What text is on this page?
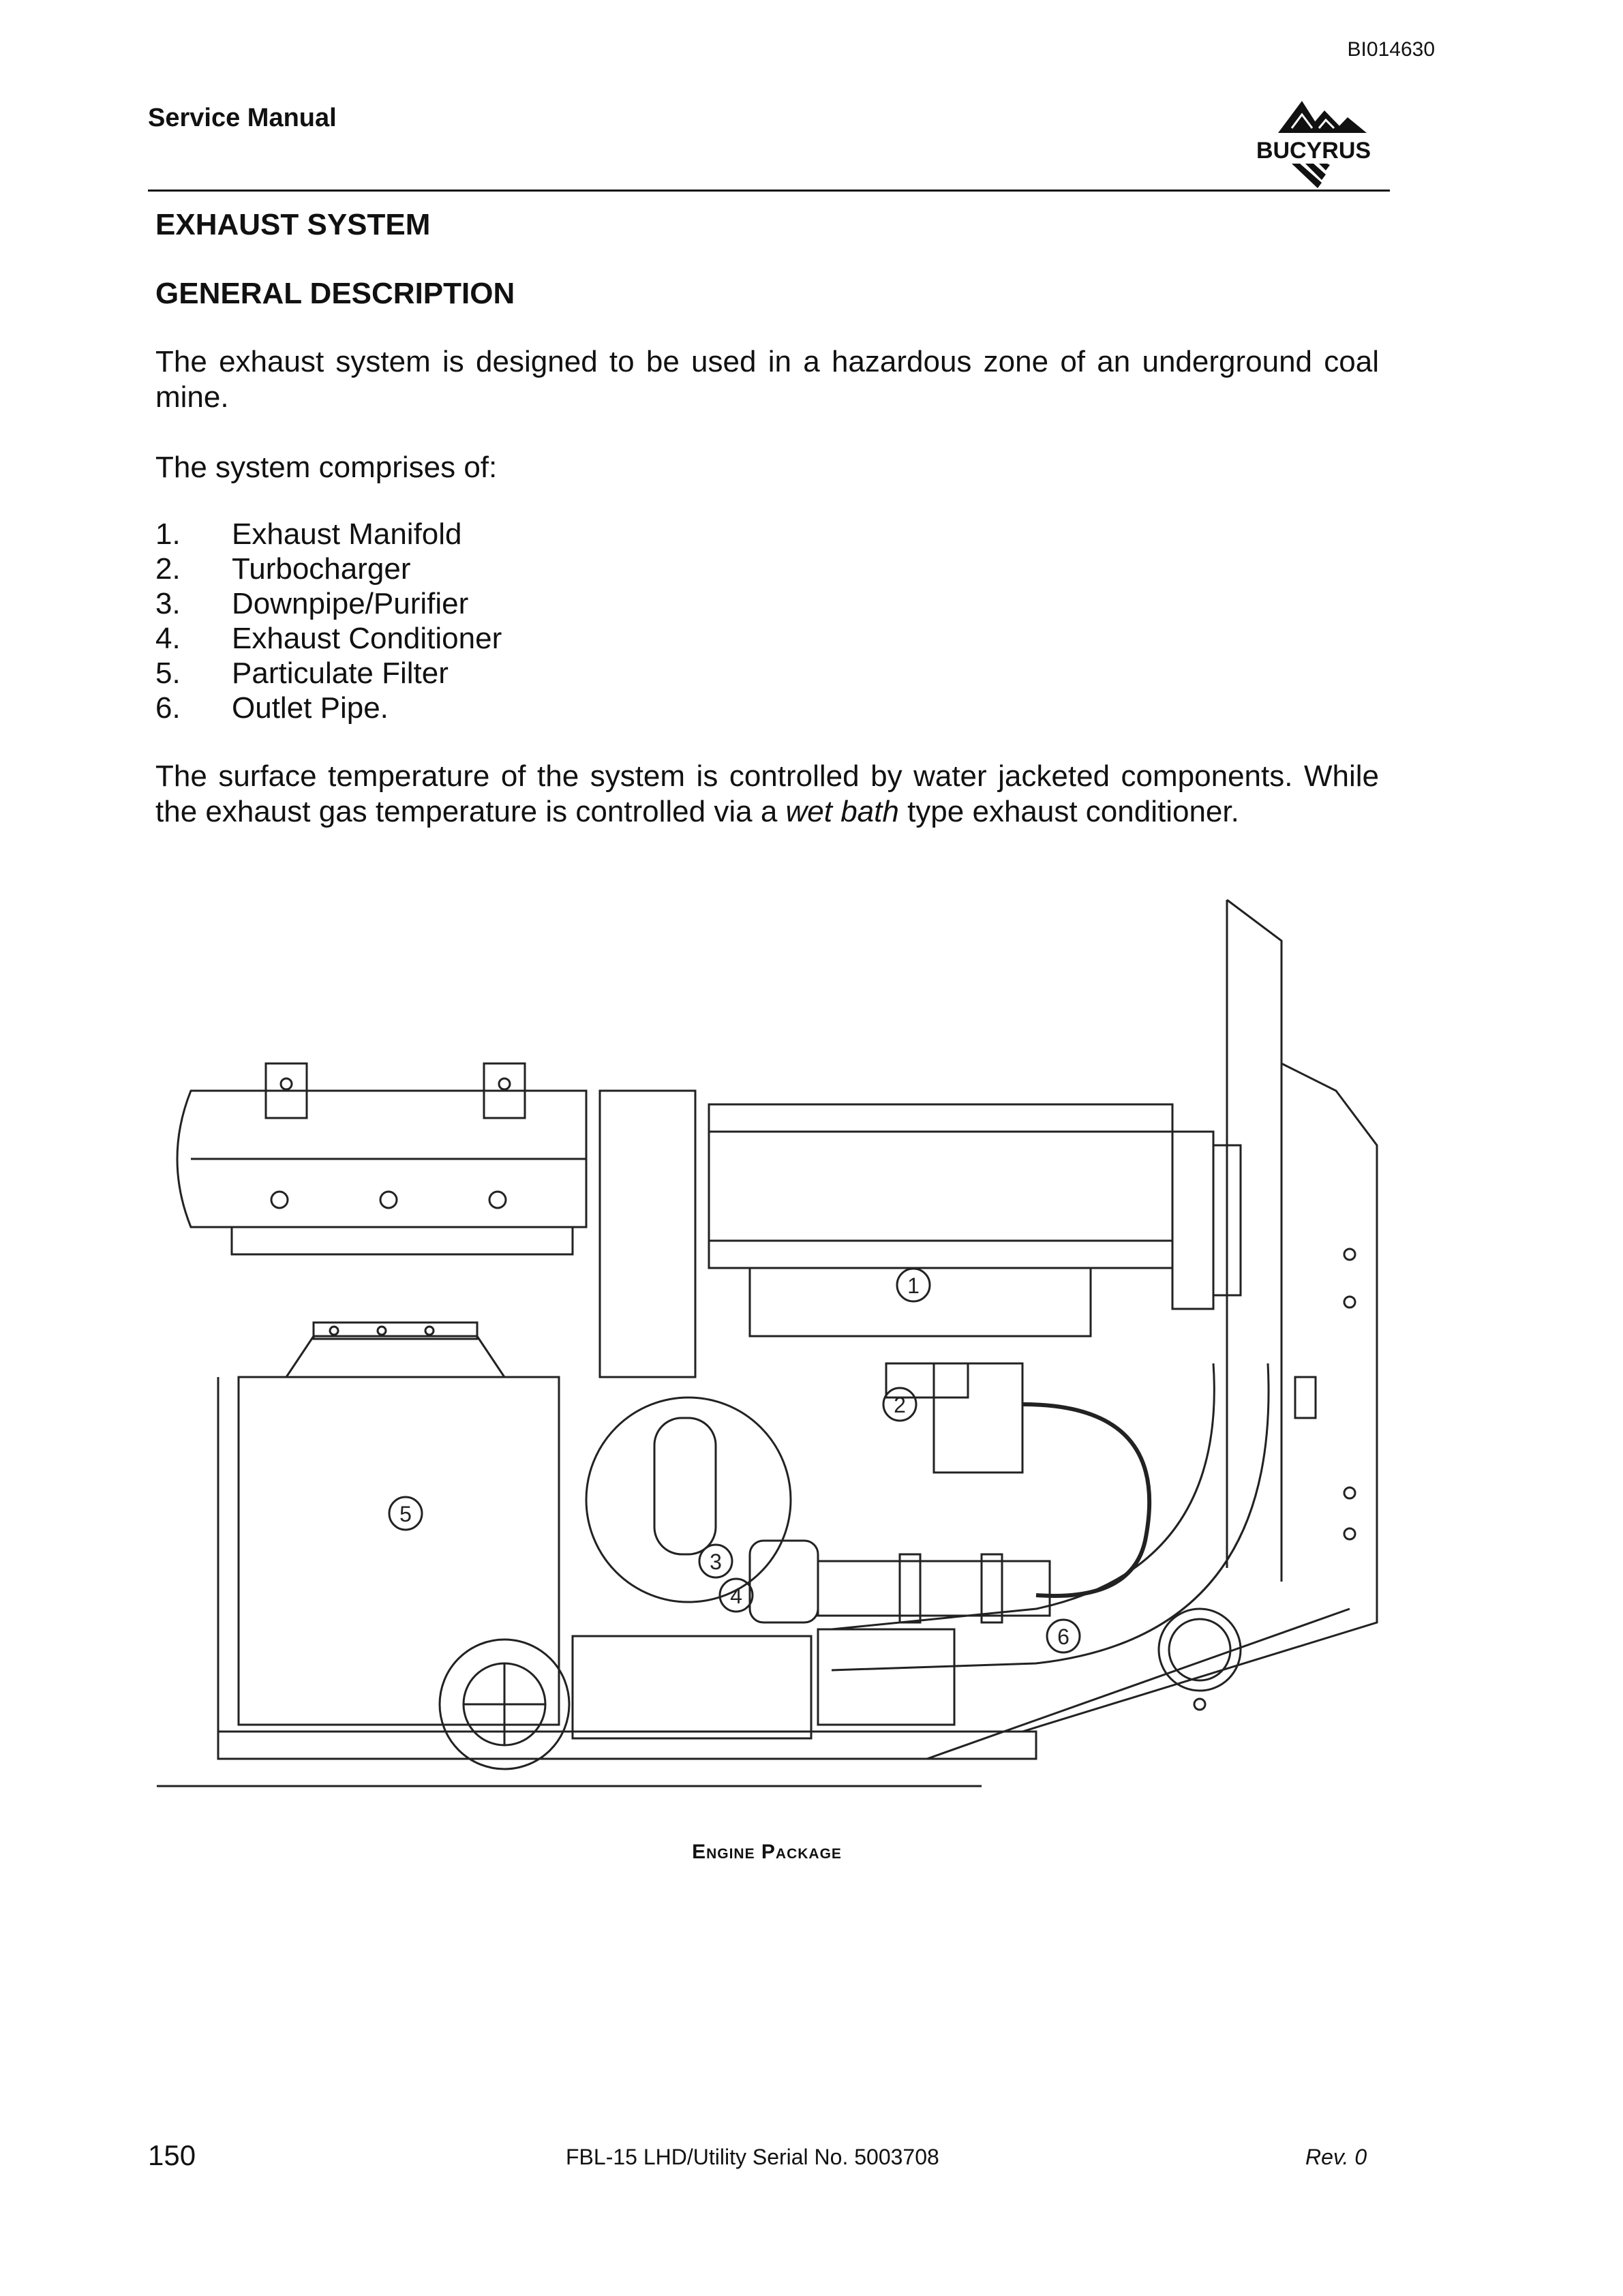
BI014630
Service Manual
BUCYRUS
EXHAUST SYSTEM
GENERAL DESCRIPTION
The exhaust system is designed to be used in a hazardous zone of an underground coal mine.
The system comprises of:
1.	Exhaust Manifold
2.	Turbocharger
3.	Downpipe/Purifier
4.	Exhaust Conditioner
5.	Particulate Filter
6.	Outlet Pipe.
The surface temperature of the system is controlled by water jacketed components. While the exhaust gas temperature is controlled via a wet bath type exhaust conditioner.
5
1
2
3
4
6
Engine Package
150	FBL-15 LHD/Utility Serial No. 5003708	Rev. 0
